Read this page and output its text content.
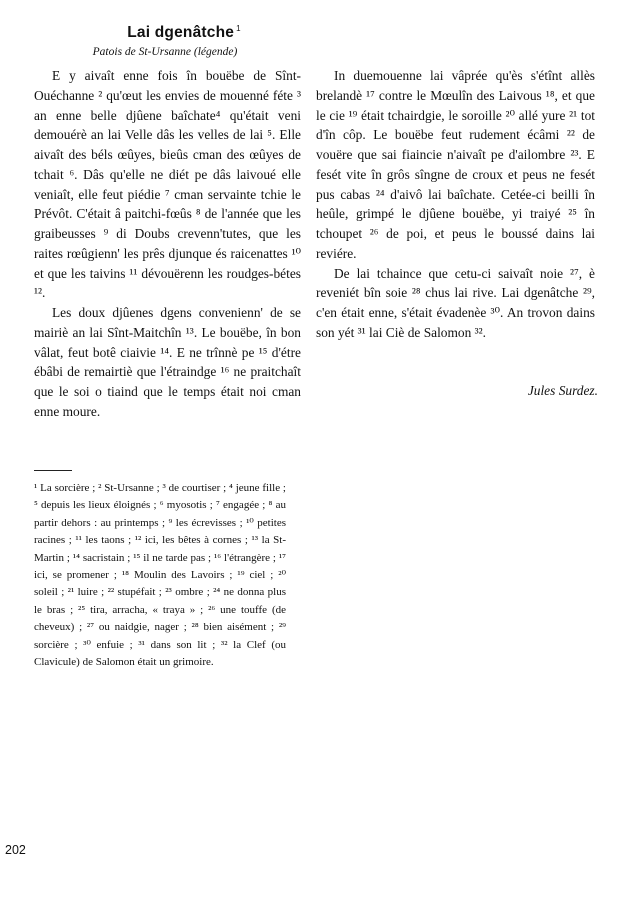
Lai dgenâtche $^1$
Patois de St-Ursanne (légende)

E y aivaît enne fois în bouëbe de Sînt-Ouéchanne ² qu'œut les envies de mouenné féte ³ an enne belle djûene baîchate⁴ qu'était veni demouérè an lai Velle dâs les velles de lai ⁵. Elle aivaît des béls œûyes, bieûs cman des œûyes de tchait ⁶. Dâs qu'elle ne diét pe dâs laivoué elle veniaît, elle feut piédie ⁷ cman servainte tchie le Prévôt. C'était â paitchi-fœûs ⁸ de l'année que les graibeusses ⁹ di Doubs crevenn'tutes, que les raites rœûgienn' les prês djunque és raicenattes ¹⁰ et que les taivins ¹¹ dévouërenn les roudges-bétes ¹².

Les doux djûenes dgens convenienn' de se mairiè an lai Sînt-Maitchîn ¹³. Le bouëbe, în bon vâlat, feut botê ciaivie ¹⁴. E ne trînnè pe ¹⁵ d'étre ébâbi de remairtiè que l'étraindge ¹⁶ ne praitchaît que le soi o tiaind que le temps était noi cman enne moure.

In duemouenne lai vâprée qu'ès s'étînt allès brelandè ¹⁷ contre le Mœulîn des Laivous ¹⁸, et que le cie ¹⁹ était tchairdgie, le soroille ²⁰ allé yure ²¹ tot d'în côp. Le bouëbe feut rudement écâmi ²² de vouëre que sai fiaincie n'aivaît pe d'ailombre ²³. E fesét vite în grôs sîngne de croux et peus ne fesét pus cabas ²⁴ d'aivô lai baîchate. Cetée-ci beilli în heûle, grimpé le djûene bouëbe, yi traiyé ²⁵ în tchoupet ²⁶ de poi, et peus le boussé dains lai reviére.

De lai tchaince que cetu-ci saivaît noie ²⁷, è reveniét bîn soie ²⁸ chus lai rive. Lai dgenâtche ²⁹, c'en était enne, s'était évadenèe ³⁰. An trovon dains son yét ³¹ lai Ciè de Salomon ³².

Jules Surdez.
¹ La sorcière ; ² St-Ursanne ; ³ de courtiser ; ⁴ jeune fille ; ⁵ depuis les lieux éloignés ; ⁶ myosotis ; ⁷ engagée ; ⁸ au partir dehors : au printemps ; ⁹ les écrevisses ; ¹⁰ petites racines ; ¹¹ les taons ; ¹² ici, les bêtes à cornes ; ¹³ la St-Martin ; ¹⁴ sacristain ; ¹⁵ il ne tarde pas ; ¹⁶ l'étrangère ; ¹⁷ ici, se promener ; ¹⁸ Moulin des Lavoirs ; ¹⁹ ciel ; ²⁰ soleil ; ²¹ luire ; ²² stupéfait ; ²³ ombre ; ²⁴ ne donna plus le bras ; ²⁵ tira, arracha, « traya » ; ²⁶ une touffe (de cheveux) ; ²⁷ ou naidgie, nager ; ²⁸ bien aisément ; ²⁹ sorcière ; ³⁰ enfuie ; ³¹ dans son lit ; ³² la Clef (ou Clavicule) de Salomon était un grimoire.
202
